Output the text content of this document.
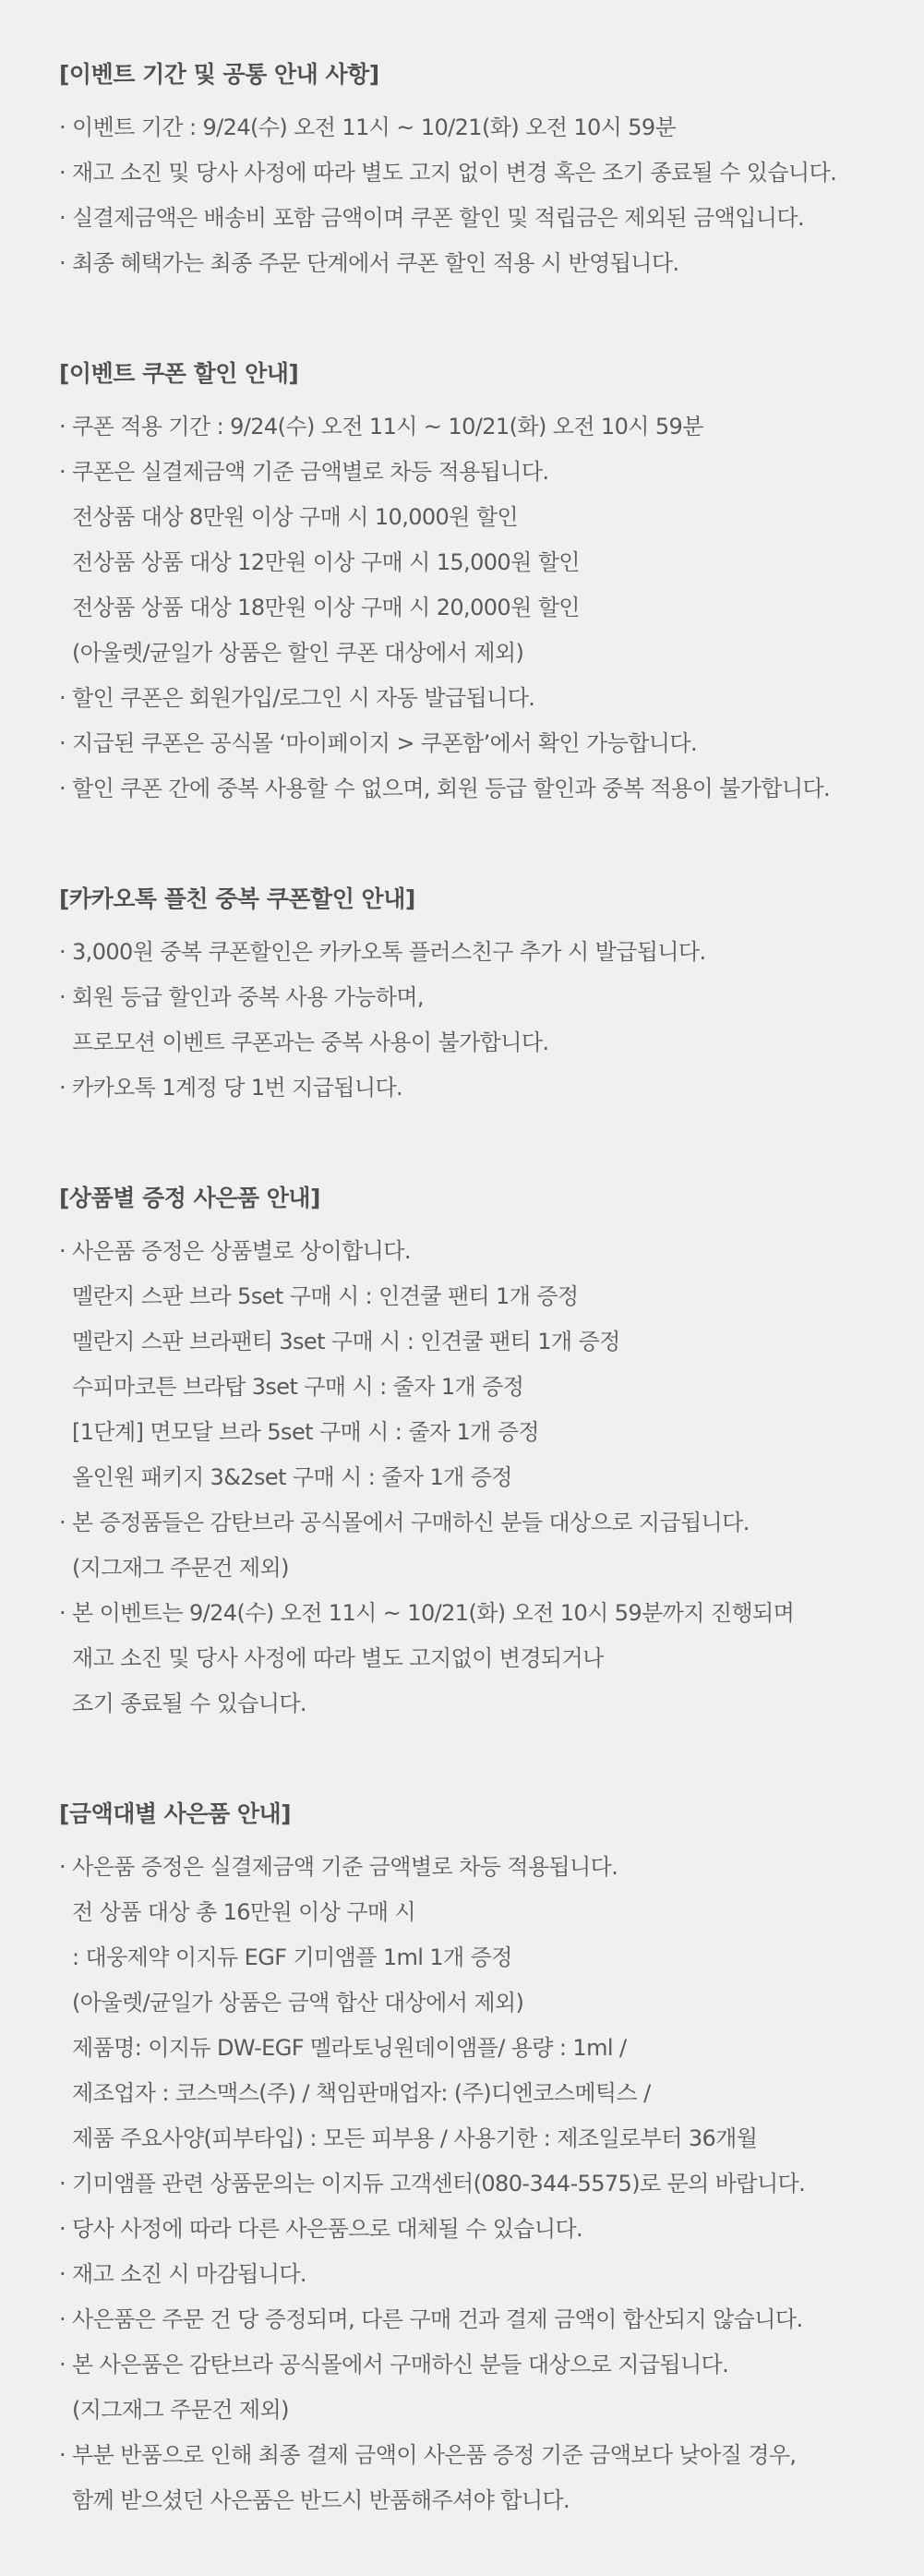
[이벤트 기간 및 공통 안내 사항]
· 이벤트 기간 : 9/24(수) 오전 11시 ~ 10/21(화) 오전 10시 59분
· 재고 소진 및 당사 사정에 따라 별도 고지 없이 변경 혹은 조기 종료될 수 있습니다.
· 실결제금액은 배송비 포함 금액이며 쿠폰 할인 및 적립금은 제외된 금액입니다.
· 최종 혜택가는 최종 주문 단계에서 쿠폰 할인 적용 시 반영됩니다.
[이벤트 쿠폰 할인 안내]
· 쿠폰 적용 기간 : 9/24(수) 오전 11시 ~ 10/21(화) 오전 10시 59분
· 쿠폰은 실결제금액 기준 금액별로 차등 적용됩니다.
전상품 대상 8만원 이상 구매 시 10,000원 할인
전상품 상품 대상 12만원 이상 구매 시 15,000원 할인
전상품 상품 대상 18만원 이상 구매 시 20,000원 할인
(아울렛/균일가 상품은 할인 쿠폰 대상에서 제외)
· 할인 쿠폰은 회원가입/로그인 시 자동 발급됩니다.
· 지급된 쿠폰은 공식몰 ‘마이페이지 > 쿠폰함’에서 확인 가능합니다.
· 할인 쿠폰 간에 중복 사용할 수 없으며, 회원 등급 할인과 중복 적용이 불가합니다.
[카카오톡 플친 중복 쿠폰할인 안내]
· 3,000원 중복 쿠폰할인은 카카오톡 플러스친구 추가 시 발급됩니다.
· 회원 등급 할인과 중복 사용 가능하며,
프로모션 이벤트 쿠폰과는 중복 사용이 불가합니다.
· 카카오톡 1계정 당 1번 지급됩니다.
[상품별 증정 사은품 안내]
· 사은품 증정은 상품별로 상이합니다.
멜란지 스판 브라 5set 구매 시 : 인견쿨 팬티 1개 증정
멜란지 스판 브라팬티 3set 구매 시 : 인견쿨 팬티 1개 증정
수피마코튼 브라탑 3set 구매 시 : 줄자 1개 증정
[1단계] 면모달 브라 5set 구매 시 : 줄자 1개 증정
올인원 패키지 3&2set 구매 시 : 줄자 1개 증정
· 본 증정품들은 감탄브라 공식몰에서 구매하신 분들 대상으로 지급됩니다.
(지그재그 주문건 제외)
· 본 이벤트는 9/24(수) 오전 11시 ~ 10/21(화) 오전 10시 59분까지 진행되며
재고 소진 및 당사 사정에 따라 별도 고지없이 변경되거나
조기 종료될 수 있습니다.
[금액대별 사은품 안내]
· 사은품 증정은 실결제금액 기준 금액별로 차등 적용됩니다.
전 상품 대상 총 16만원 이상 구매 시
: 대웅제약 이지듀 EGF 기미앰플 1ml 1개 증정
(아울렛/균일가 상품은 금액 합산 대상에서 제외)
제품명: 이지듀 DW-EGF 멜라토닝원데이앰플/ 용량 : 1ml /
제조업자 : 코스맥스(주) / 책임판매업자: (주)디엔코스메틱스 /
제품 주요사양(피부타입) : 모든 피부용 / 사용기한 : 제조일로부터 36개월
· 기미앰플 관련 상품문의는 이지듀 고객센터(080-344-5575)로 문의 바랍니다.
· 당사 사정에 따라 다른 사은품으로 대체될 수 있습니다.
· 재고 소진 시 마감됩니다.
· 사은품은 주문 건 당 증정되며, 다른 구매 건과 결제 금액이 합산되지 않습니다.
· 본 사은품은 감탄브라 공식몰에서 구매하신 분들 대상으로 지급됩니다.
(지그재그 주문건 제외)
· 부분 반품으로 인해 최종 결제 금액이 사은품 증정 기준 금액보다 낮아질 경우,
함께 받으셨던 사은품은 반드시 반품해주셔야 합니다.
